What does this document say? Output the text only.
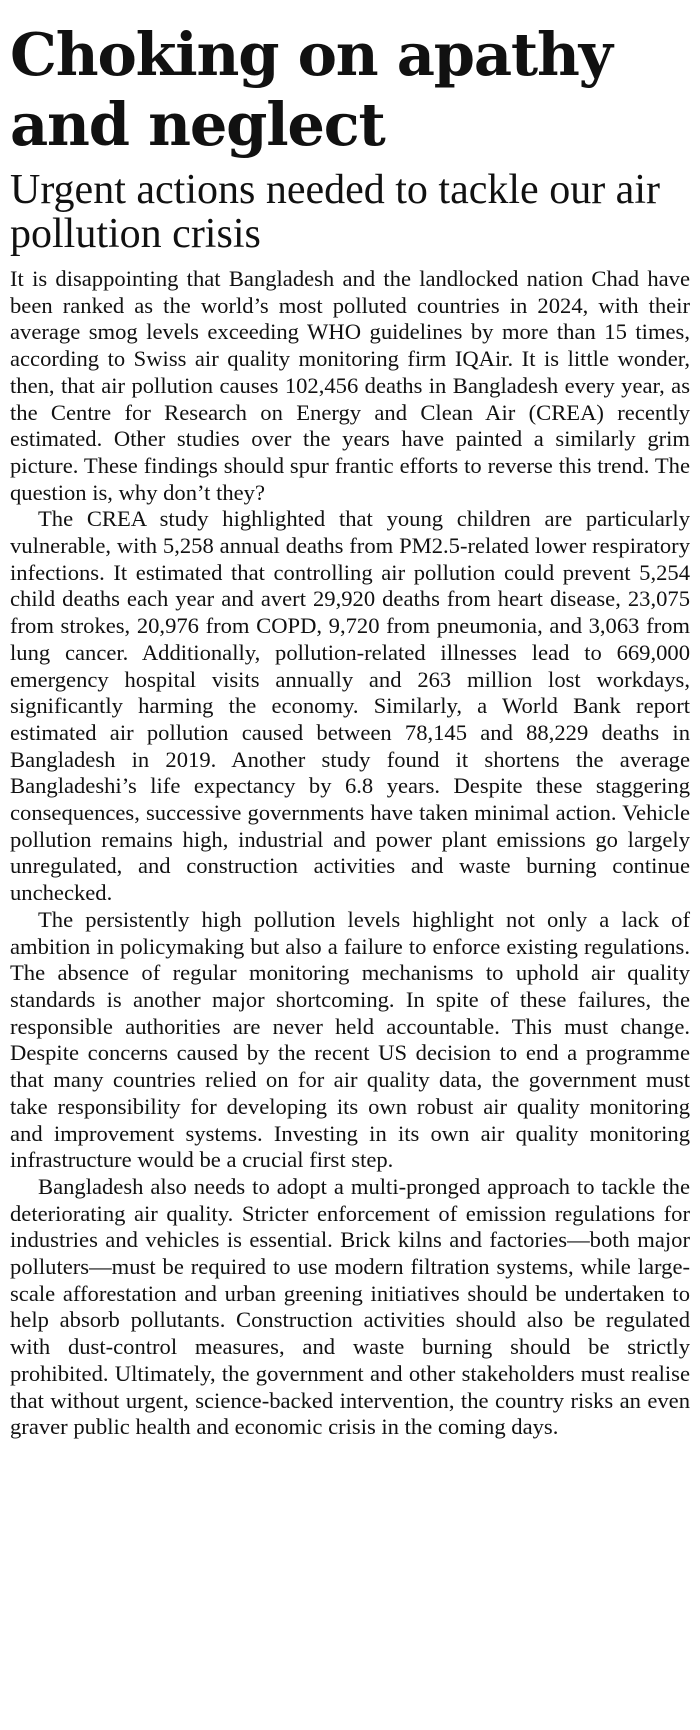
Choking on apathy and neglect
Urgent actions needed to tackle our air pollution crisis

It is disappointing that Bangladesh and the landlocked nation Chad have been ranked as the world’s most polluted countries in 2024, with their average smog levels exceeding WHO guidelines by more than 15 times, according to Swiss air quality monitoring firm IQAir. It is little wonder, then, that air pollution causes 102,456 deaths in Bangladesh every year, as the Centre for Research on Energy and Clean Air (CREA) recently estimated. Other studies over the years have painted a similarly grim picture. These findings should spur frantic efforts to reverse this trend. The question is, why don’t they?

The CREA study highlighted that young children are particularly vulnerable, with 5,258 annual deaths from PM2.5-related lower respiratory infections. It estimated that controlling air pollution could prevent 5,254 child deaths each year and avert 29,920 deaths from heart disease, 23,075 from strokes, 20,976 from COPD, 9,720 from pneumonia, and 3,063 from lung cancer. Additionally, pollution-related illnesses lead to 669,000 emergency hospital visits annually and 263 million lost workdays, significantly harming the economy. Similarly, a World Bank report estimated air pollution caused between 78,145 and 88,229 deaths in Bangladesh in 2019. Another study found it shortens the average Bangladeshi’s life expectancy by 6.8 years. Despite these staggering consequences, successive governments have taken minimal action. Vehicle pollution remains high, industrial and power plant emissions go largely unregulated, and construction activities and waste burning continue unchecked.

The persistently high pollution levels highlight not only a lack of ambition in policymaking but also a failure to enforce existing regulations. The absence of regular monitoring mechanisms to uphold air quality standards is another major shortcoming. In spite of these failures, the responsible authorities are never held accountable. This must change. Despite concerns caused by the recent US decision to end a programme that many countries relied on for air quality data, the government must take responsibility for developing its own robust air quality monitoring and improvement systems. Investing in its own air quality monitoring infrastructure would be a crucial first step.

Bangladesh also needs to adopt a multi-pronged approach to tackle the deteriorating air quality. Stricter enforcement of emission regulations for industries and vehicles is essential. Brick kilns and factories—both major polluters—must be required to use modern filtration systems, while large-scale afforestation and urban greening initiatives should be undertaken to help absorb pollutants. Construction activities should also be regulated with dust-control measures, and waste burning should be strictly prohibited. Ultimately, the government and other stakeholders must realise that without urgent, science-backed intervention, the country risks an even graver public health and economic crisis in the coming days.
